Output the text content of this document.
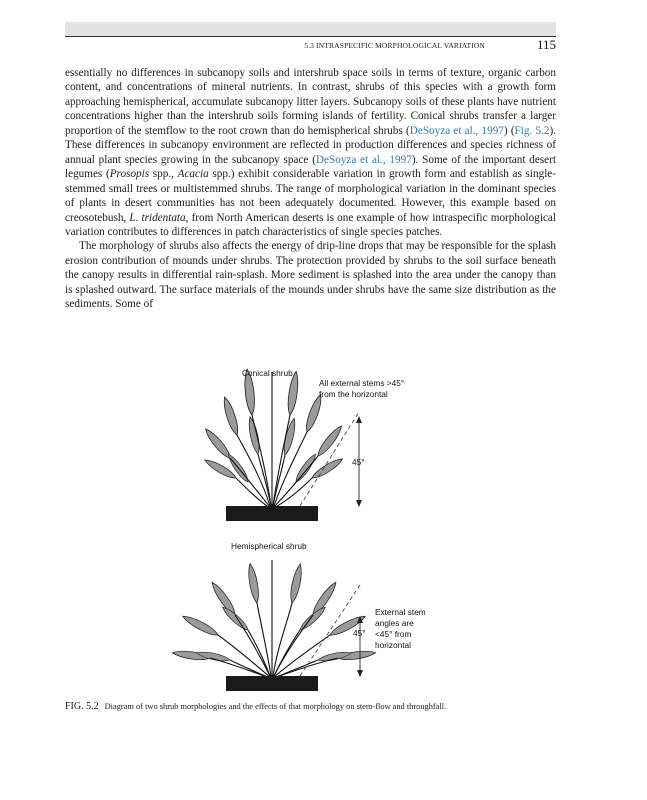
5.3 INTRASPECIFIC MORPHOLOGICAL VARIATION	115

essentially no differences in subcanopy soils and intershrub space soils in terms of texture, organic carbon content, and concentrations of mineral nutrients. In contrast, shrubs of this species with a growth form approaching hemispherical, accumulate subcanopy litter layers. Subcanopy soils of these plants have nutrient concentrations higher than the intershrub soils forming islands of fertility. Conical shrubs transfer a larger proportion of the stemflow to the root crown than do hemispherical shrubs (DeSoyza et al., 1997) (Fig. 5.2). These differences in subcanopy environment are reflected in production differences and species richness of annual plant species growing in the subcanopy space (DeSoyza et al., 1997). Some of the important desert legumes (Prosopis spp., Acacia spp.) exhibit considerable variation in growth form and establish as single-stemmed small trees or multistemmed shrubs. The range of morphological variation in the dominant species of plants in desert communities has not been adequately documented. However, this example based on creosotebush, L. tridentata, from North American deserts is one example of how intraspecific morphological variation contributes to differences in patch characteristics of single species patches.

The morphology of shrubs also affects the energy of drip-line drops that may be responsible for the splash erosion contribution of mounds under shrubs. The protection provided by shrubs to the soil surface beneath the canopy results in differential rain-splash. More sediment is splashed into the area under the canopy than is splashed outward. The surface materials of the mounds under shrubs have the same size distribution as the sediments. Some of

Conical shrub
All external stems >45°
from the horizontal
45°
Hemispherical shrub
External stem
angles are
<45° from
horizontal
45°
FIG. 5.2 Diagram of two shrub morphologies and the effects of that morphology on stem-flow and throughfall.
